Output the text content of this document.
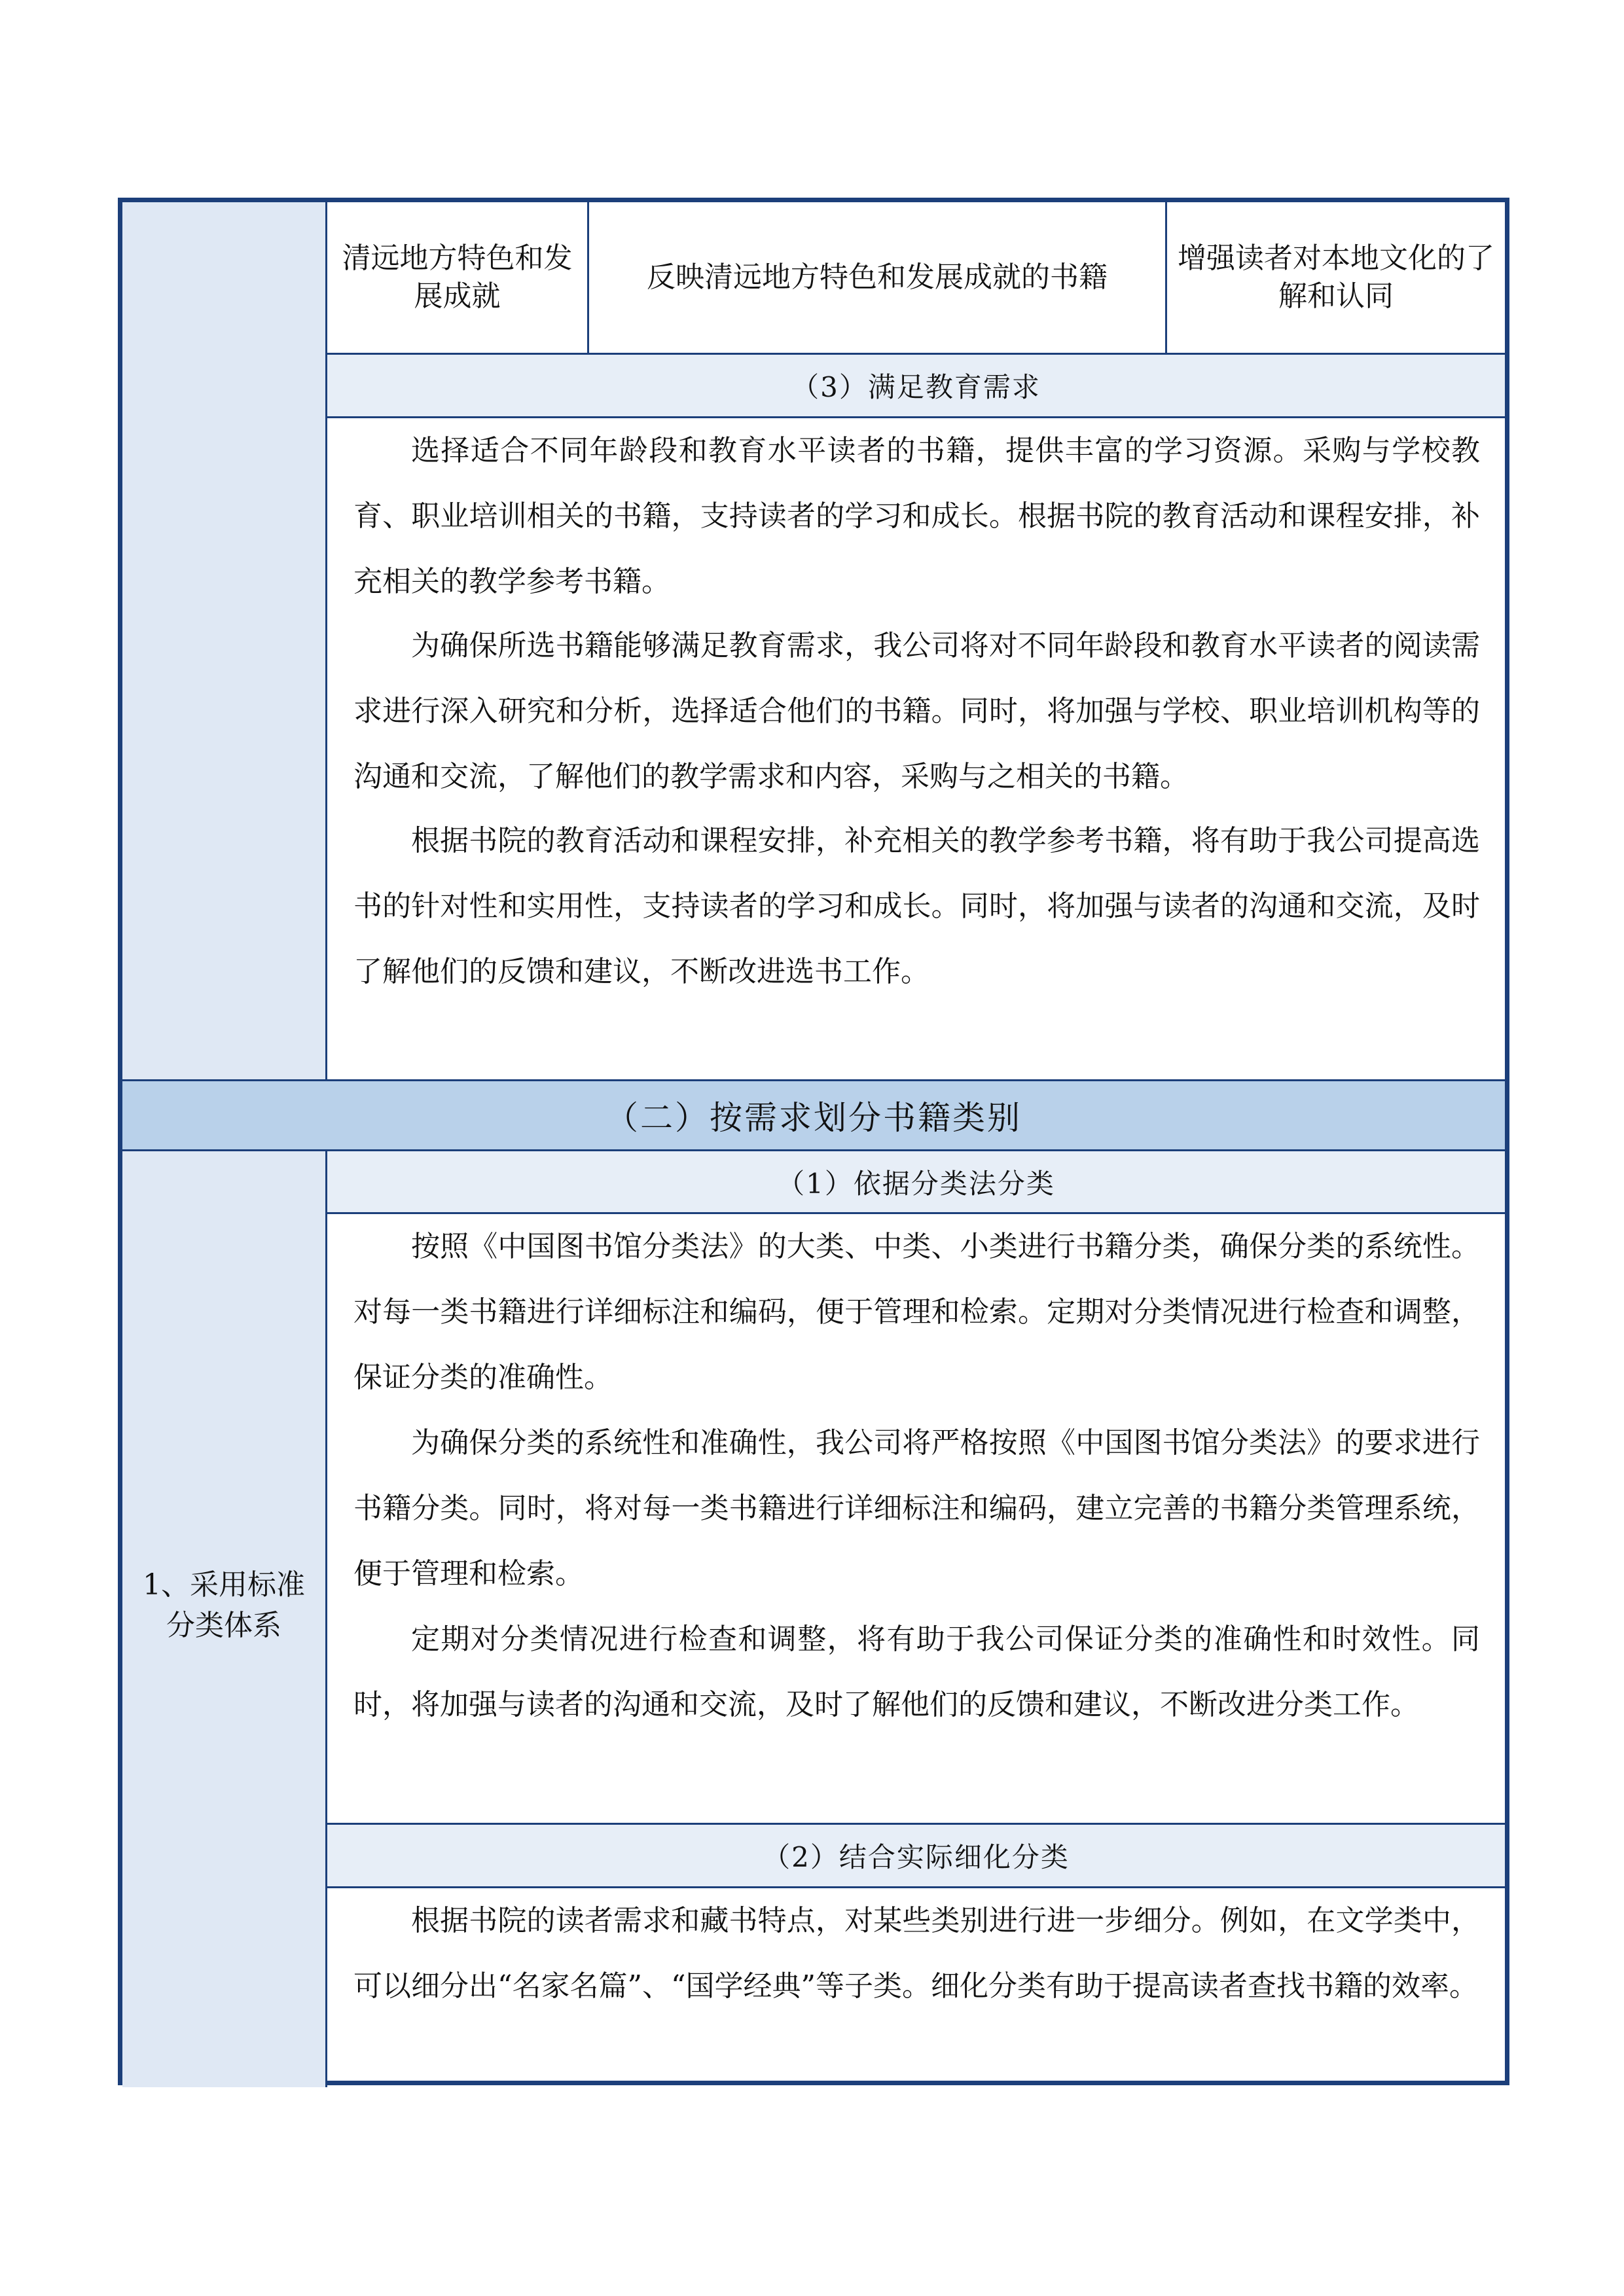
清远地方特色和发展成就
反映清远地方特色和发展成就的书籍
增强读者对本地文化的了解和认同
（3）满足教育需求

选择适合不同年龄段和教育水平读者的书籍，提供丰富的学习资源。采购与学校教育、职业培训相关的书籍，支持读者的学习和成长。根据书院的教育活动和课程安排，补充相关的教学参考书籍。

为确保所选书籍能够满足教育需求，我公司将对不同年龄段和教育水平读者的阅读需求进行深入研究和分析，选择适合他们的书籍。同时，将加强与学校、职业培训机构等的沟通和交流，了解他们的教学需求和内容，采购与之相关的书籍。

根据书院的教育活动和课程安排，补充相关的教学参考书籍，将有助于我公司提高选书的针对性和实用性，支持读者的学习和成长。同时，将加强与读者的沟通和交流，及时了解他们的反馈和建议，不断改进选书工作。

（二）按需求划分书籍类别
1、采用标准分类体系
（1）依据分类法分类

按照《中国图书馆分类法》的大类、中类、小类进行书籍分类，确保分类的系统性。对每一类书籍进行详细标注和编码，便于管理和检索。定期对分类情况进行检查和调整，保证分类的准确性。

为确保分类的系统性和准确性，我公司将严格按照《中国图书馆分类法》的要求进行书籍分类。同时，将对每一类书籍进行详细标注和编码，建立完善的书籍分类管理系统，便于管理和检索。

定期对分类情况进行检查和调整，将有助于我公司保证分类的准确性和时效性。同时，将加强与读者的沟通和交流，及时了解他们的反馈和建议，不断改进分类工作。

（2）结合实际细化分类

根据书院的读者需求和藏书特点，对某些类别进行进一步细分。例如，在文学类中，可以细分出“名家名篇”、“国学经典”等子类。细化分类有助于提高读者查找书籍的效率。
